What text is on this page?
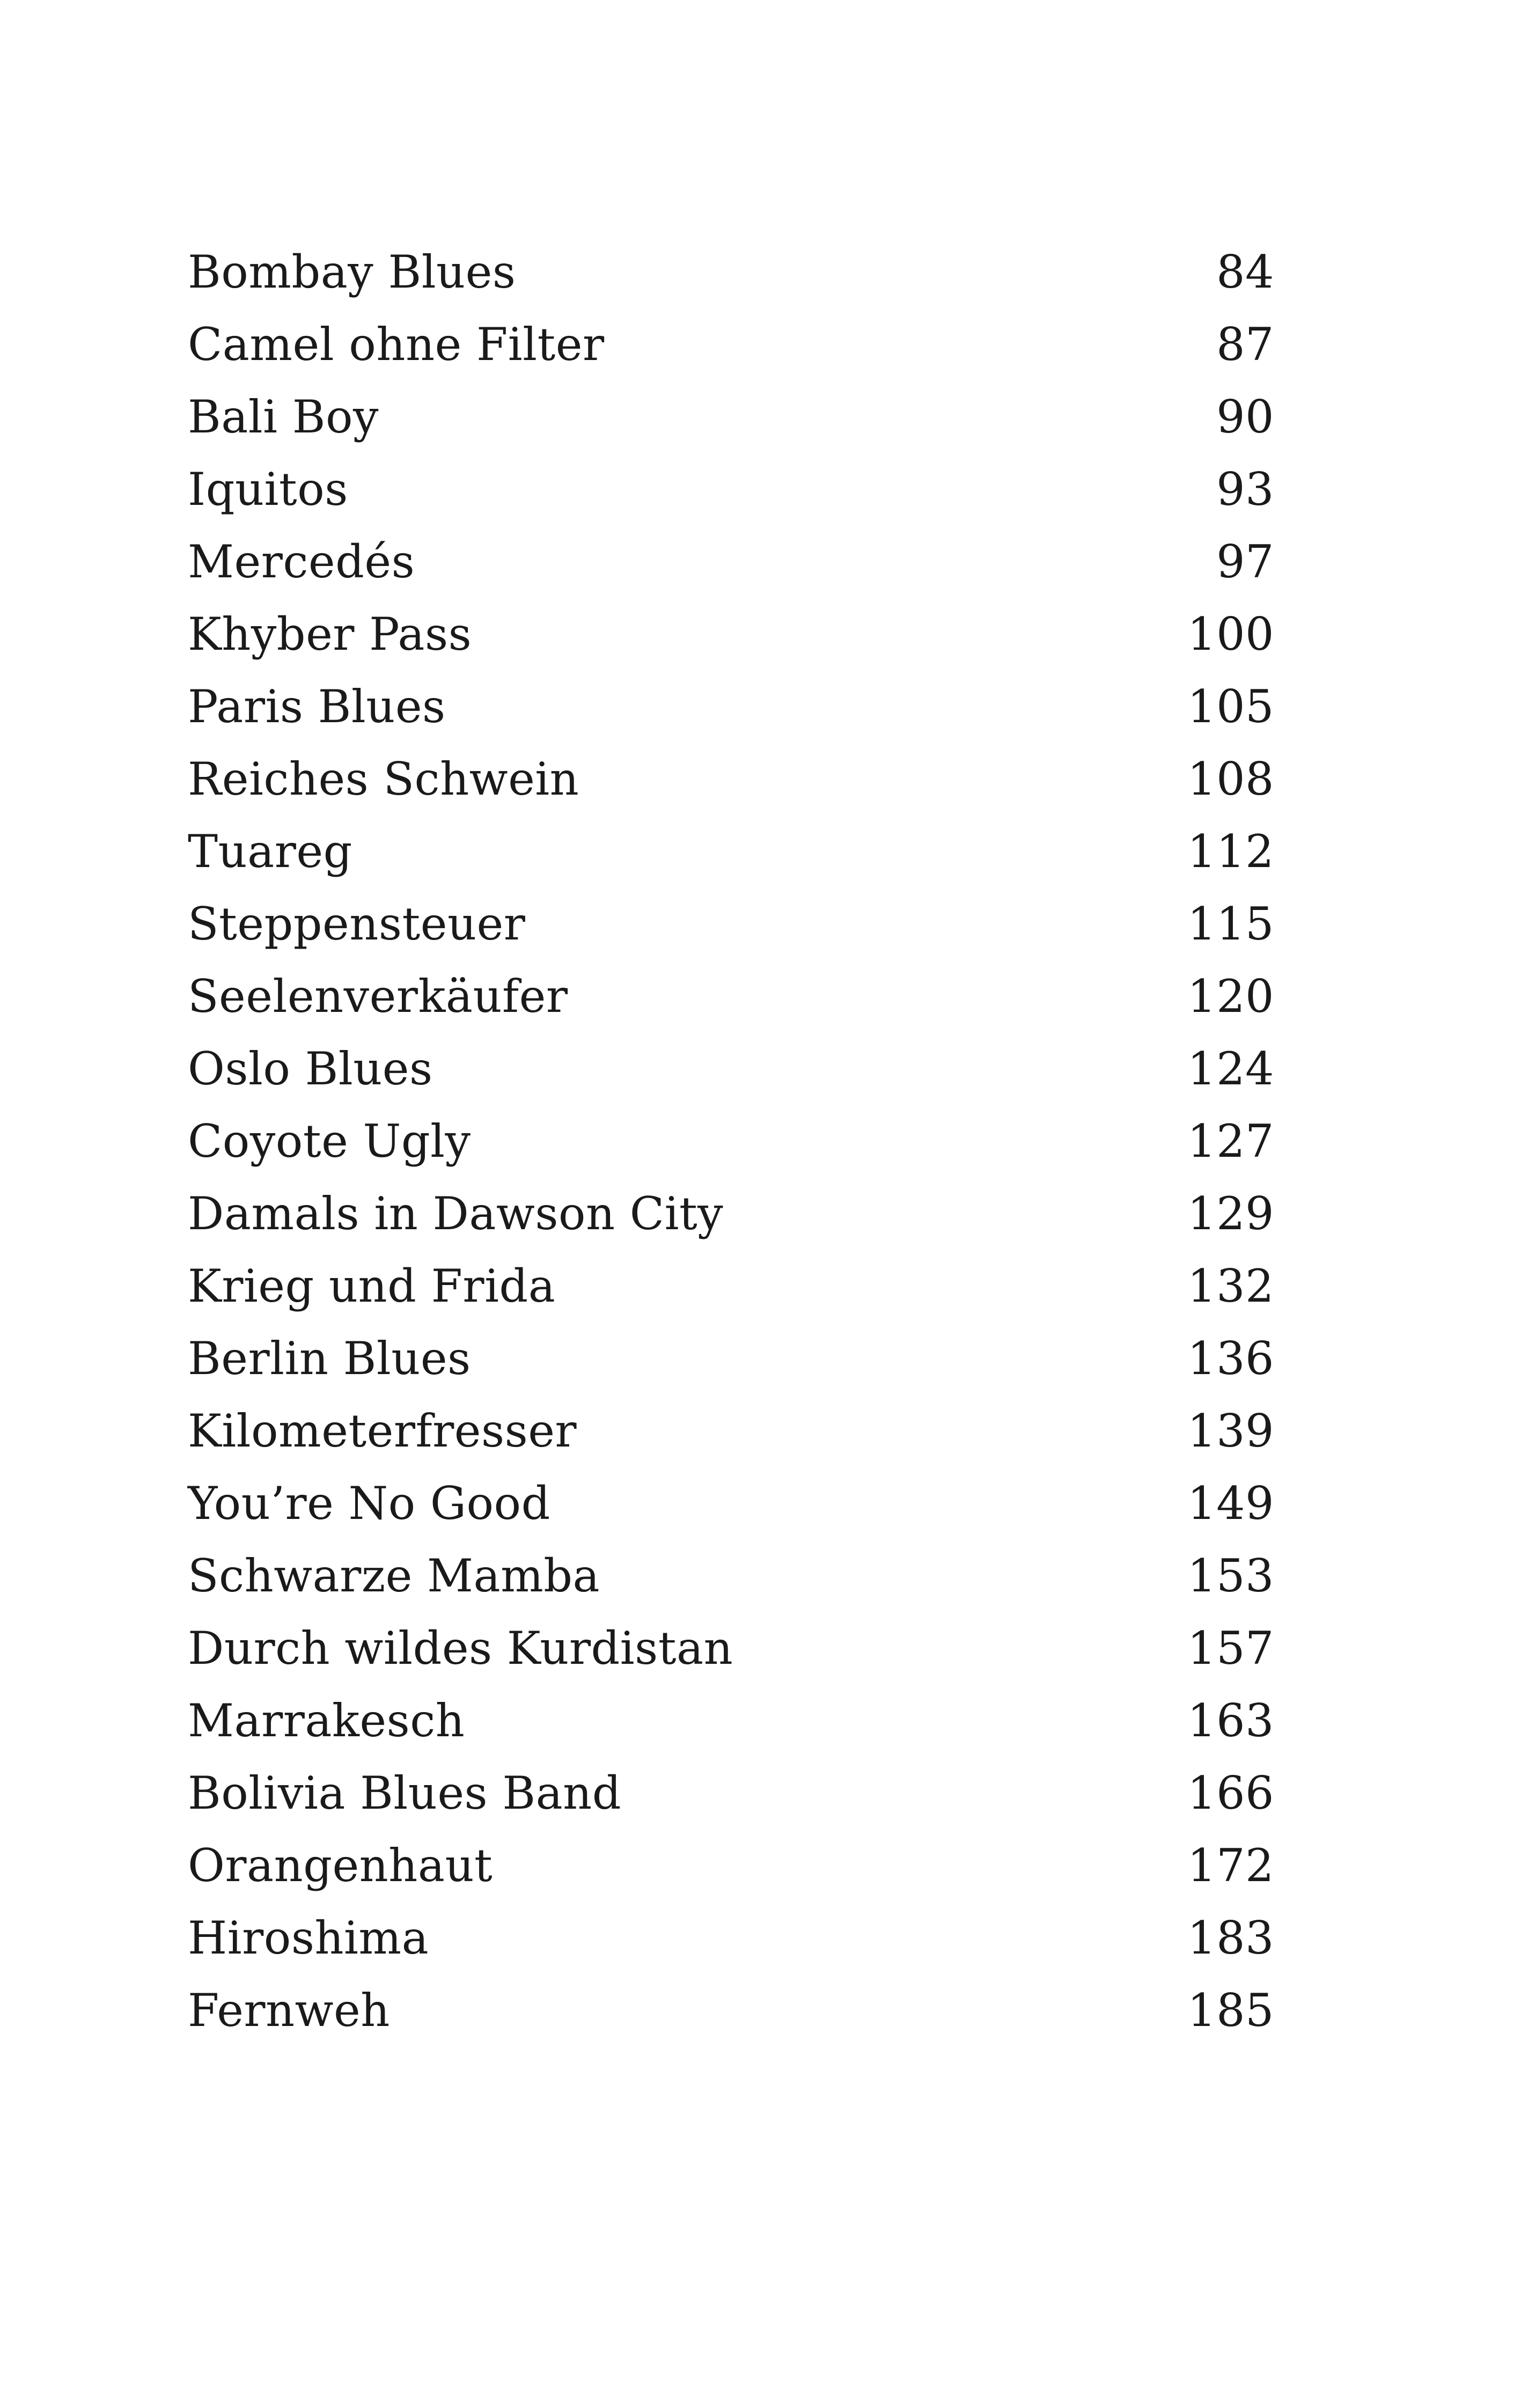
Bombay Blues	84
Camel ohne Filter	87
Bali Boy	90
Iquitos	93
Mercedés	97
Khyber Pass	100
Paris Blues	105
Reiches Schwein	108
Tuareg	112
Steppensteuer	115
Seelenverkäufer	120
Oslo Blues	124
Coyote Ugly	127
Damals in Dawson City	129
Krieg und Frida	132
Berlin Blues	136
Kilometerfresser	139
You’re No Good	149
Schwarze Mamba	153
Durch wildes Kurdistan	157
Marrakesch	163
Bolivia Blues Band	166
Orangenhaut	172
Hiroshima	183
Fernweh	185
